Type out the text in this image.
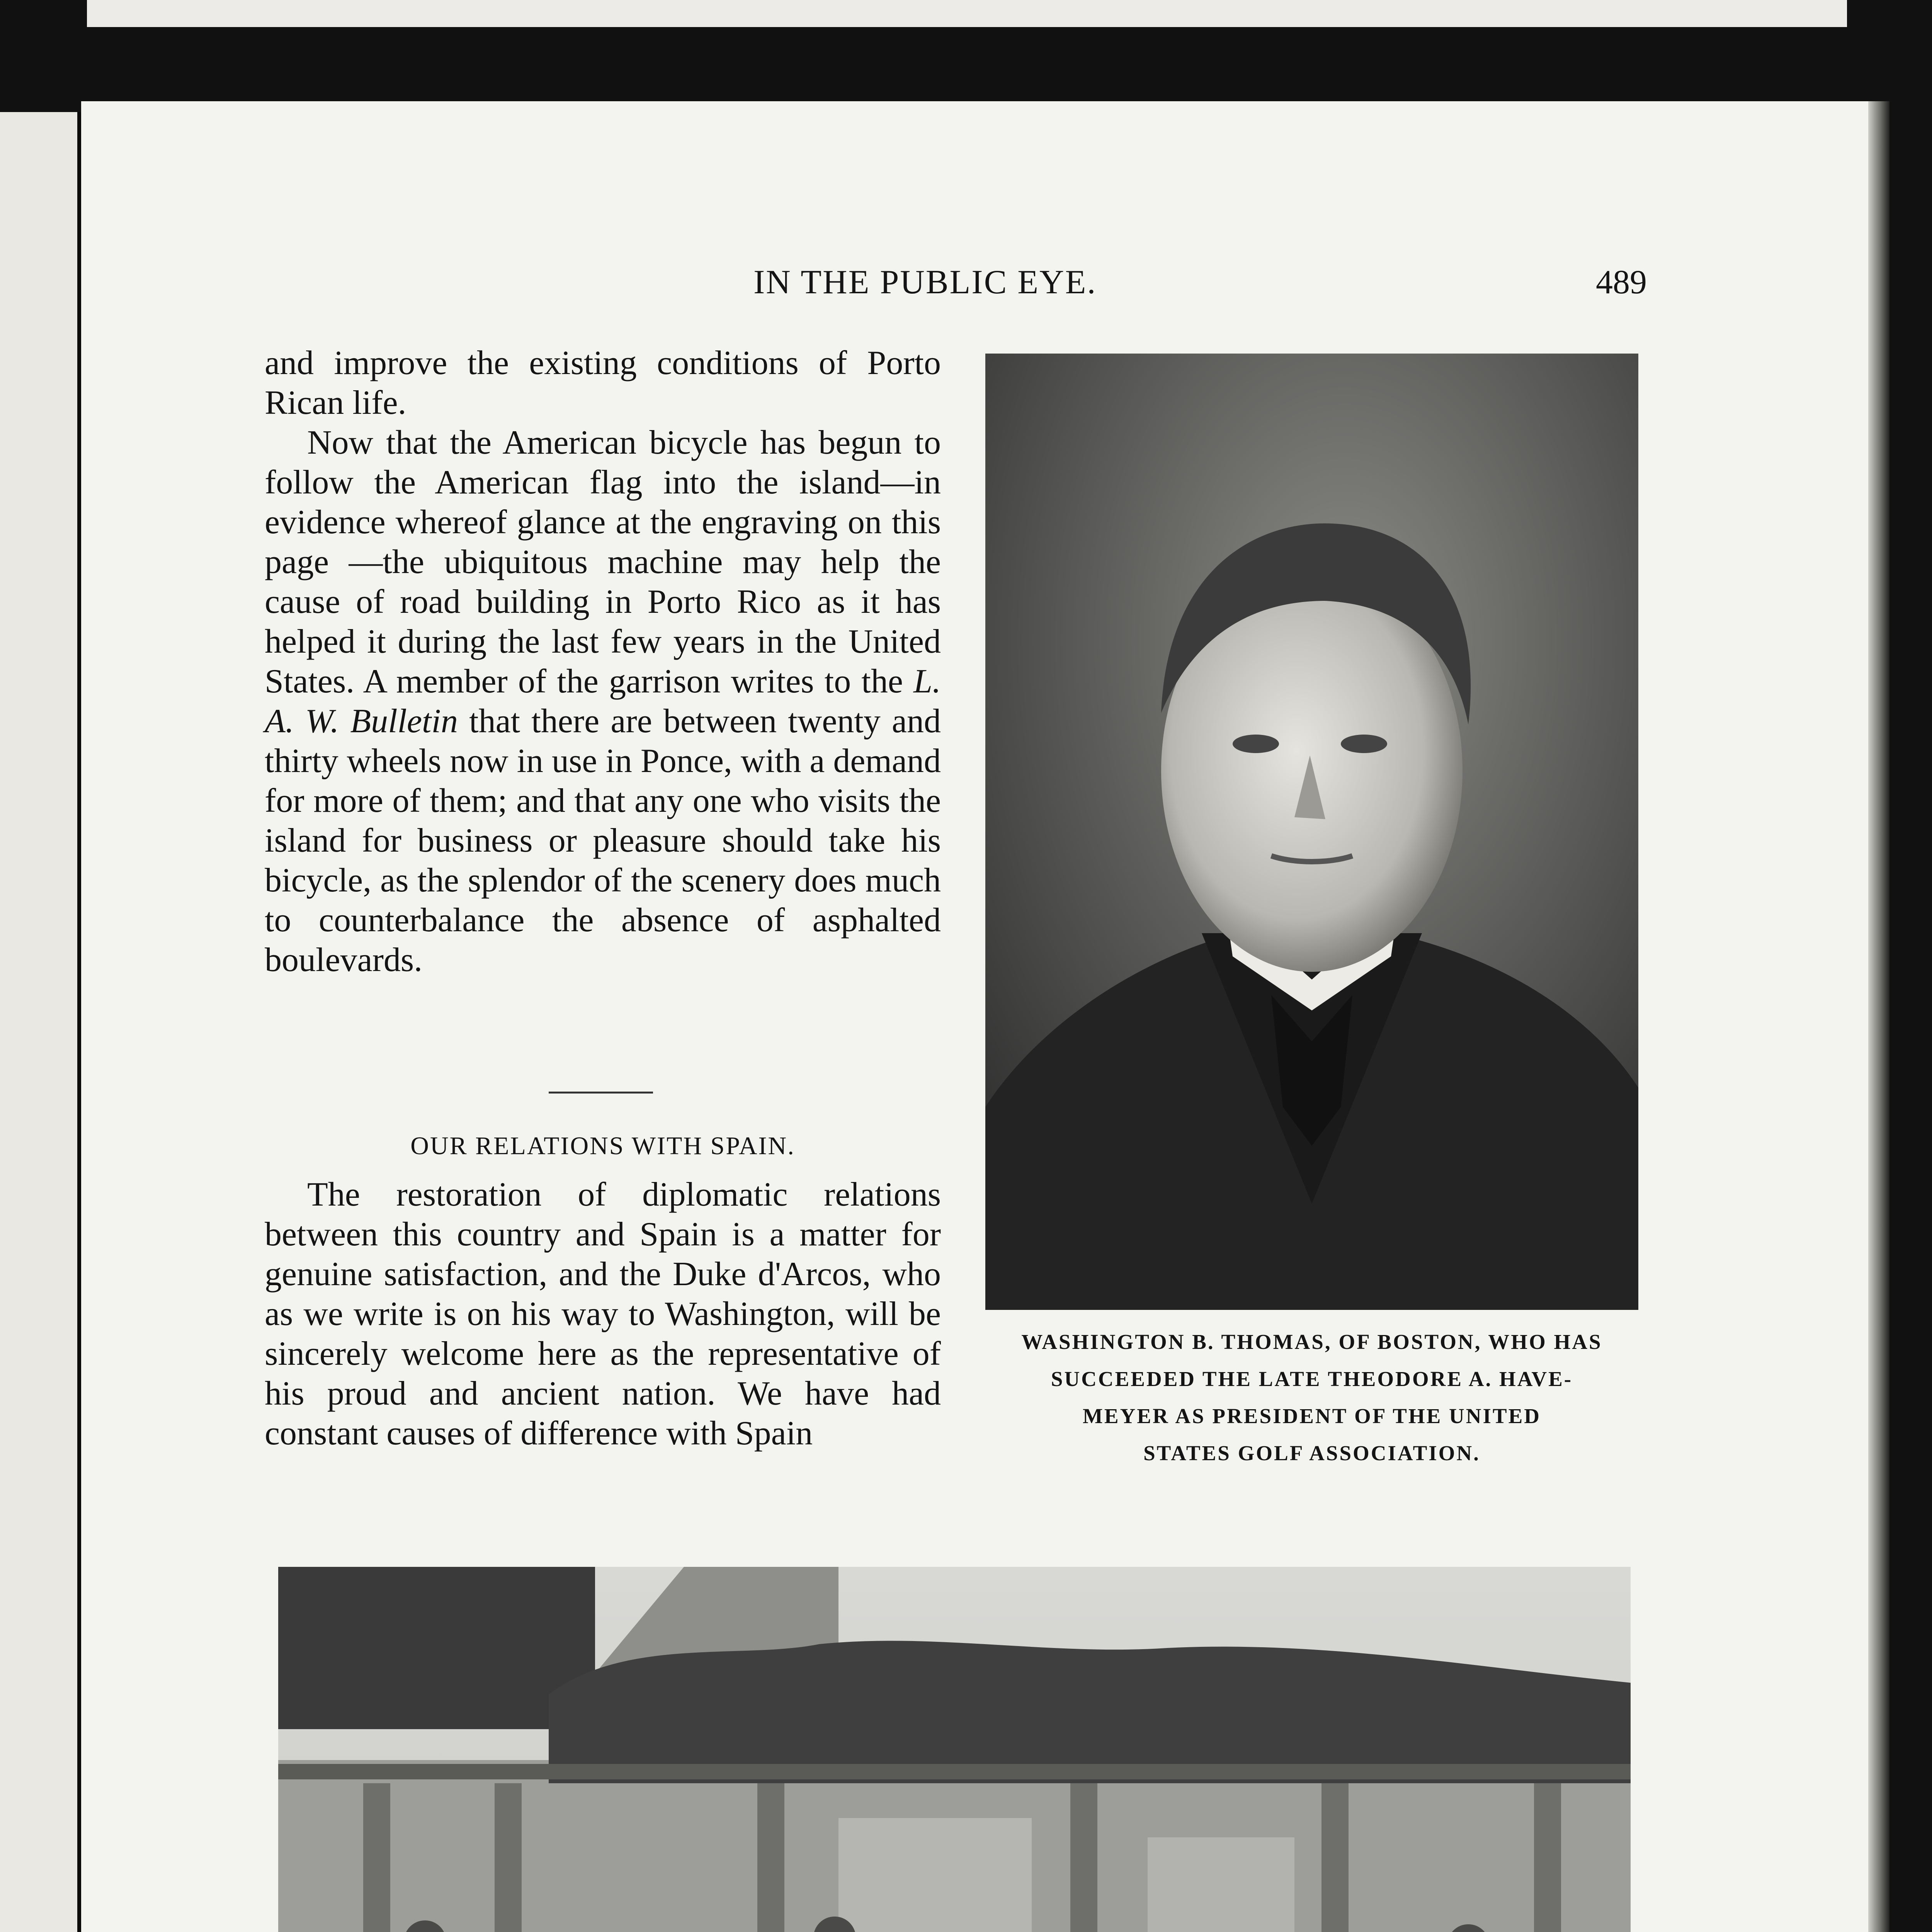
IN THE PUBLIC EYE.	489

and improve the existing conditions of Porto Rican life.

Now that the American bicycle has begun to follow the American flag into the island—in evidence whereof glance at the engraving on this page —the ubiquitous machine may help the cause of road building in Porto Rico as it has helped it during the last few years in the United States. A member of the garrison writes to the L. A. W. Bulletin that there are between twenty and thirty wheels now in use in Ponce, with a demand for more of them; and that any one who visits the island for business or pleasure should take his bicycle, as the splendor of the scenery does much to counterbalance the absence of asphalted boulevards.

OUR RELATIONS WITH SPAIN.

The restoration of diplomatic relations between this country and Spain is a matter for genuine satisfaction, and the Duke d'Arcos, who as we write is on his way to Washington, will be sincerely welcome here as the representative of his proud and ancient nation. We have had constant causes of difference with Spain

WASHINGTON B. THOMAS, OF BOSTON, WHO HAS
SUCCEEDED THE LATE THEODORE A. HAVE-
MEYER AS PRESIDENT OF THE UNITED
STATES GOLF ASSOCIATION.
